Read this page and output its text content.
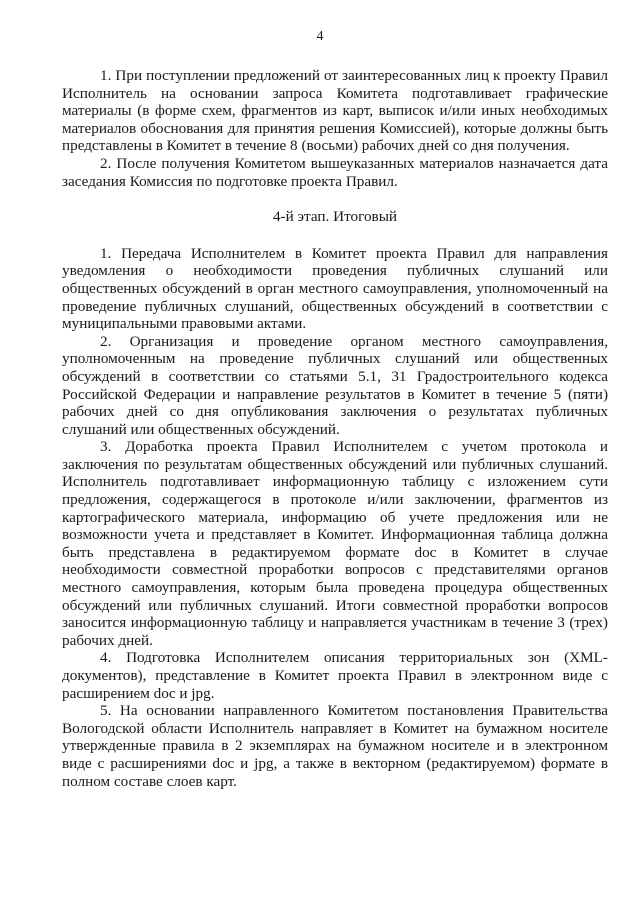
4

1. При поступлении предложений от заинтересованных лиц к проекту Правил Исполнитель на основании запроса Комитета подготавливает графические материалы (в форме схем, фрагментов из карт, выписок и/или иных необходимых материалов обоснования для принятия решения Комиссией), которые должны быть представлены в Комитет в течение 8 (восьми) рабочих дней со дня получения.

2. После получения Комитетом вышеуказанных материалов назначается дата заседания Комиссия по подготовке проекта Правил.

4-й этап. Итоговый

1. Передача Исполнителем в Комитет проекта Правил для направления уведомления о необходимости проведения публичных слушаний или общественных обсуждений в орган местного самоуправления, уполномоченный на проведение публичных слушаний, общественных обсуждений в соответствии с муниципальными правовыми актами.

2. Организация и проведение органом местного самоуправления, уполномоченным на проведение публичных слушаний или общественных обсуждений в соответствии со статьями 5.1, 31 Градостроительного кодекса Российской Федерации и направление результатов в Комитет в течение 5 (пяти) рабочих дней со дня опубликования заключения о результатах публичных слушаний или общественных обсуждений.

3. Доработка проекта Правил Исполнителем с учетом протокола и заключения по результатам общественных обсуждений или публичных слушаний. Исполнитель подготавливает информационную таблицу с изложением сути предложения, содержащегося в протоколе и/или заключении, фрагментов из картографического материала, информацию об учете предложения или не возможности учета и представляет в Комитет. Информационная таблица должна быть представлена в редактируемом формате doc в Комитет в случае необходимости совместной проработки вопросов с представителями органов местного самоуправления, которым была проведена процедура общественных обсуждений или публичных слушаний. Итоги совместной проработки вопросов заносится информационную таблицу и направляется участникам в течение 3 (трех) рабочих дней.

4. Подготовка Исполнителем описания территориальных зон (XML-документов), представление в Комитет проекта Правил в электронном виде с расширением doc и jpg.

5. На основании направленного Комитетом постановления Правительства Вологодской области Исполнитель направляет в Комитет на бумажном носителе утвержденные правила в 2 экземплярах на бумажном носителе и в электронном виде с расширениями doc и jpg, а также в векторном (редактируемом) формате в полном составе слоев карт.
